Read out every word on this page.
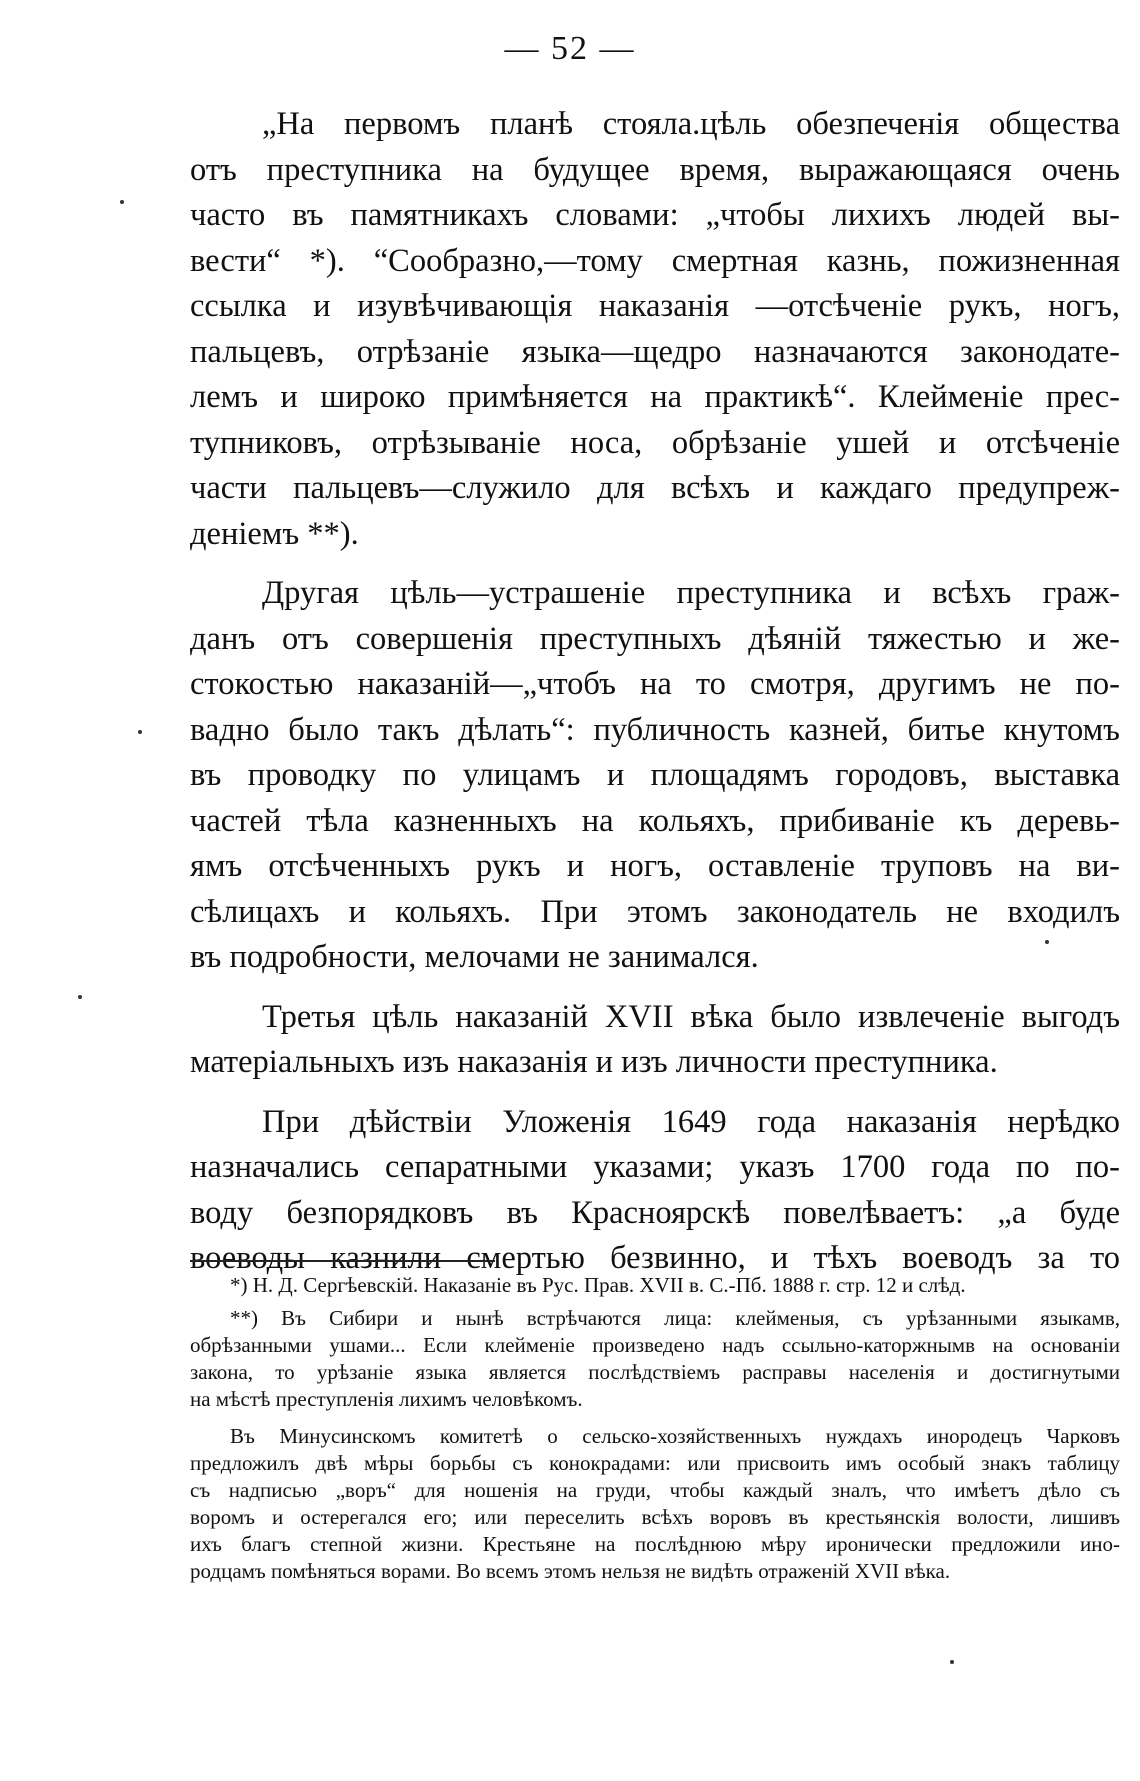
— 52 —

„На первомъ планѣ стояла.цѣль обезпеченія общества
отъ преступника на будущее время, выражающаяся очень
часто въ памятникахъ словами: „чтобы лихихъ людей вы-
вести“ *). “Сообразно,—тому смертная казнь, пожизненная
ссылка и изувѣчивающія наказанія —отсѣченіе рукъ, ногъ,
пальцевъ, отрѣзаніе языка—щедро назначаются законодате-
лемъ и широко примѣняется на практикѣ“. Клейменіе прес-
тупниковъ, отрѣзываніе носа, обрѣзаніе ушей и отсѣченіе
части пальцевъ—служило для всѣхъ и каждаго предупреж-
деніемъ **).

Другая цѣль—устрашеніе преступника и всѣхъ граж-
данъ отъ совершенія преступныхъ дѣяній тяжестью и же-
стокостью наказаній—„чтобъ на то смотря, другимъ не по-
вадно было такъ дѣлать“: публичность казней, битье кнутомъ
въ проводку по улицамъ и площадямъ городовъ, выставка
частей тѣла казненныхъ на кольяхъ, прибиваніе къ деревь-
ямъ отсѣченныхъ рукъ и ногъ, оставленіе труповъ на ви-
сѣлицахъ и кольяхъ. При этомъ законодатель не входилъ
въ подробности, мелочами не занимался.

Третья цѣль наказаній XVII вѣка было извлеченіе выгодъ
матеріальныхъ изъ наказанія и изъ личности преступника.

При дѣйствіи Уложенія 1649 года наказанія нерѣдко
назначались сепаратными указами; указъ 1700 года по по-
воду безпорядковъ въ Красноярскѣ повелѣваетъ: „а буде
воеводы казнили смертью безвинно, и тѣхъ воеводъ за то

*) Н. Д. Сергѣевскій. Наказаніе въ Рус. Прав. XVII в. С.-Пб. 1888 г. стр. 12 и слѣд.

**) Въ Сибири и нынѣ встрѣчаются лица: клейменыя, съ урѣзанными языкамв,
обрѣзанными ушами... Если клейменіе произведено надъ ссыльно-каторжнымв на основаніи
закона, то урѣзаніе языка является послѣдствіемъ расправы населенія и достигнутыми
на мѣстѣ преступленія лихимъ человѣкомъ.

Въ Минусинскомъ комитетѣ о сельско-хозяйственныхъ нуждахъ инородецъ Чарковъ
предложилъ двѣ мѣры борьбы съ конокрадами: или присвоить имъ особый знакъ таблицу
съ надписью „воръ“ для ношенія на груди, чтобы каждый зналъ, что имѣетъ дѣло съ
воромъ и остерегался его; или переселить всѣхъ воровъ въ крестьянскія волости, лишивъ
ихъ благъ степной жизни. Крестьяне на послѣднюю мѣру иронически предложили ино-
родцамъ помѣняться ворами. Во всемъ этомъ нельзя не видѣть отраженій XVII вѣка.
